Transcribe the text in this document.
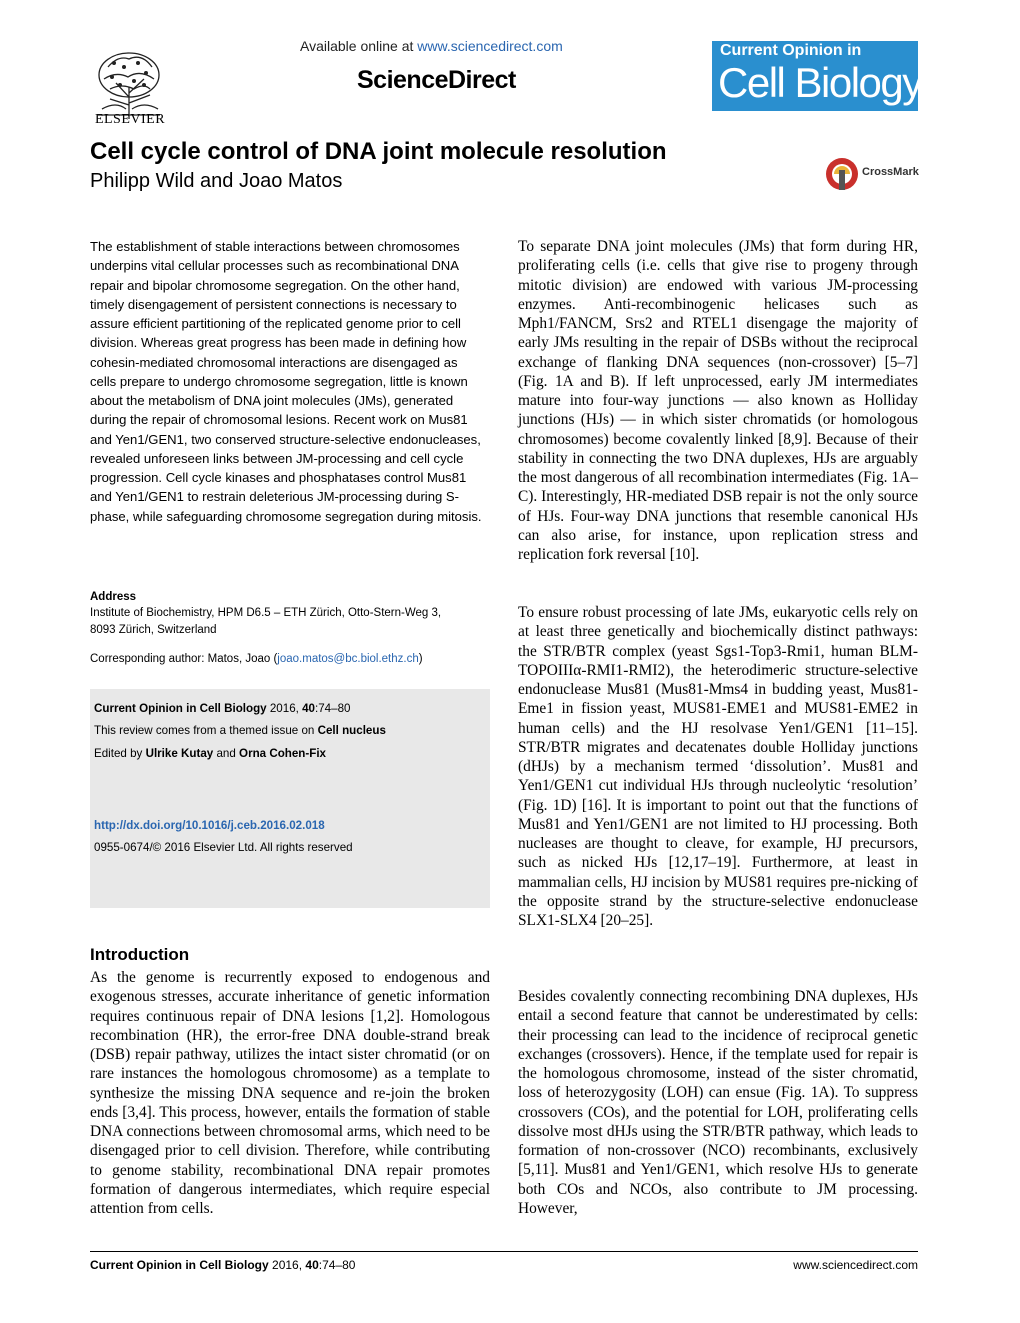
ELSEVIER
Available online at www.sciencedirect.com
ScienceDirect
Current Opinion in
Cell Biology
Cell cycle control of DNA joint molecule resolution
Philipp Wild and Joao Matos	CrossMark
The establishment of stable interactions between chromosomes underpins vital cellular processes such as recombinational DNA repair and bipolar chromosome segregation. On the other hand, timely disengagement of persistent connections is necessary to assure efficient partitioning of the replicated genome prior to cell division. Whereas great progress has been made in defining how cohesin-mediated chromosomal interactions are disengaged as cells prepare to undergo chromosome segregation, little is known about the metabolism of DNA joint molecules (JMs), generated during the repair of chromosomal lesions. Recent work on Mus81 and Yen1/GEN1, two conserved structure-selective endonucleases, revealed unforeseen links between JM-processing and cell cycle progression. Cell cycle kinases and phosphatases control Mus81 and Yen1/GEN1 to restrain deleterious JM-processing during S-phase, while safeguarding chromosome segregation during mitosis.
Address
Institute of Biochemistry, HPM D6.5 – ETH Zürich, Otto-Stern-Weg 3,
8093 Zürich, Switzerland
Corresponding author: Matos, Joao (joao.matos@bc.biol.ethz.ch)
Current Opinion in Cell Biology 2016, 40:74–80
This review comes from a themed issue on Cell nucleus
Edited by Ulrike Kutay and Orna Cohen-Fix
http://dx.doi.org/10.1016/j.ceb.2016.02.018
0955-0674/© 2016 Elsevier Ltd. All rights reserved
Introduction
As the genome is recurrently exposed to endogenous and exogenous stresses, accurate inheritance of genetic information requires continuous repair of DNA lesions [1,2]. Homologous recombination (HR), the error-free DNA double-strand break (DSB) repair pathway, utilizes the intact sister chromatid (or on rare instances the homologous chromosome) as a template to synthesize the missing DNA sequence and re-join the broken ends [3,4]. This process, however, entails the formation of stable DNA connections between chromosomal arms, which need to be disengaged prior to cell division. Therefore, while contributing to genome stability, recombinational DNA repair promotes formation of dangerous intermediates, which require especial attention from cells.
To separate DNA joint molecules (JMs) that form during HR, proliferating cells (i.e. cells that give rise to progeny through mitotic division) are endowed with various JM-processing enzymes. Anti-recombinogenic helicases such as Mph1/FANCM, Srs2 and RTEL1 disengage the majority of early JMs resulting in the repair of DSBs without the reciprocal exchange of flanking DNA sequences (non-crossover) [5–7] (Fig. 1A and B). If left unprocessed, early JM intermediates mature into four-way junctions — also known as Holliday junctions (HJs) — in which sister chromatids (or homologous chromosomes) become covalently linked [8,9]. Because of their stability in connecting the two DNA duplexes, HJs are arguably the most dangerous of all recombination intermediates (Fig. 1A–C). Interestingly, HR-mediated DSB repair is not the only source of HJs. Four-way DNA junctions that resemble canonical HJs can also arise, for instance, upon replication stress and replication fork reversal [10].
To ensure robust processing of late JMs, eukaryotic cells rely on at least three genetically and biochemically distinct pathways: the STR/BTR complex (yeast Sgs1-Top3-Rmi1, human BLM-TOPOIIIα-RMI1-RMI2), the heterodimeric structure-selective endonuclease Mus81 (Mus81-Mms4 in budding yeast, Mus81-Eme1 in fission yeast, MUS81-EME1 and MUS81-EME2 in human cells) and the HJ resolvase Yen1/GEN1 [11–15]. STR/BTR migrates and decatenates double Holliday junctions (dHJs) by a mechanism termed ‘dissolution’. Mus81 and Yen1/GEN1 cut individual HJs through nucleolytic ‘resolution’ (Fig. 1D) [16]. It is important to point out that the functions of Mus81 and Yen1/GEN1 are not limited to HJ processing. Both nucleases are thought to cleave, for example, HJ precursors, such as nicked HJs [12,17–19]. Furthermore, at least in mammalian cells, HJ incision by MUS81 requires pre-nicking of the opposite strand by the structure-selective endonuclease SLX1-SLX4 [20–25].
Besides covalently connecting recombining DNA duplexes, HJs entail a second feature that cannot be underestimated by cells: their processing can lead to the incidence of reciprocal genetic exchanges (crossovers). Hence, if the template used for repair is the homologous chromosome, instead of the sister chromatid, loss of heterozygosity (LOH) can ensue (Fig. 1A). To suppress crossovers (COs), and the potential for LOH, proliferating cells dissolve most dHJs using the STR/BTR pathway, which leads to formation of non-crossover (NCO) recombinants, exclusively [5,11]. Mus81 and Yen1/GEN1, which resolve HJs to generate both COs and NCOs, also contribute to JM processing. However,
Current Opinion in Cell Biology 2016, 40:74–80	www.sciencedirect.com
